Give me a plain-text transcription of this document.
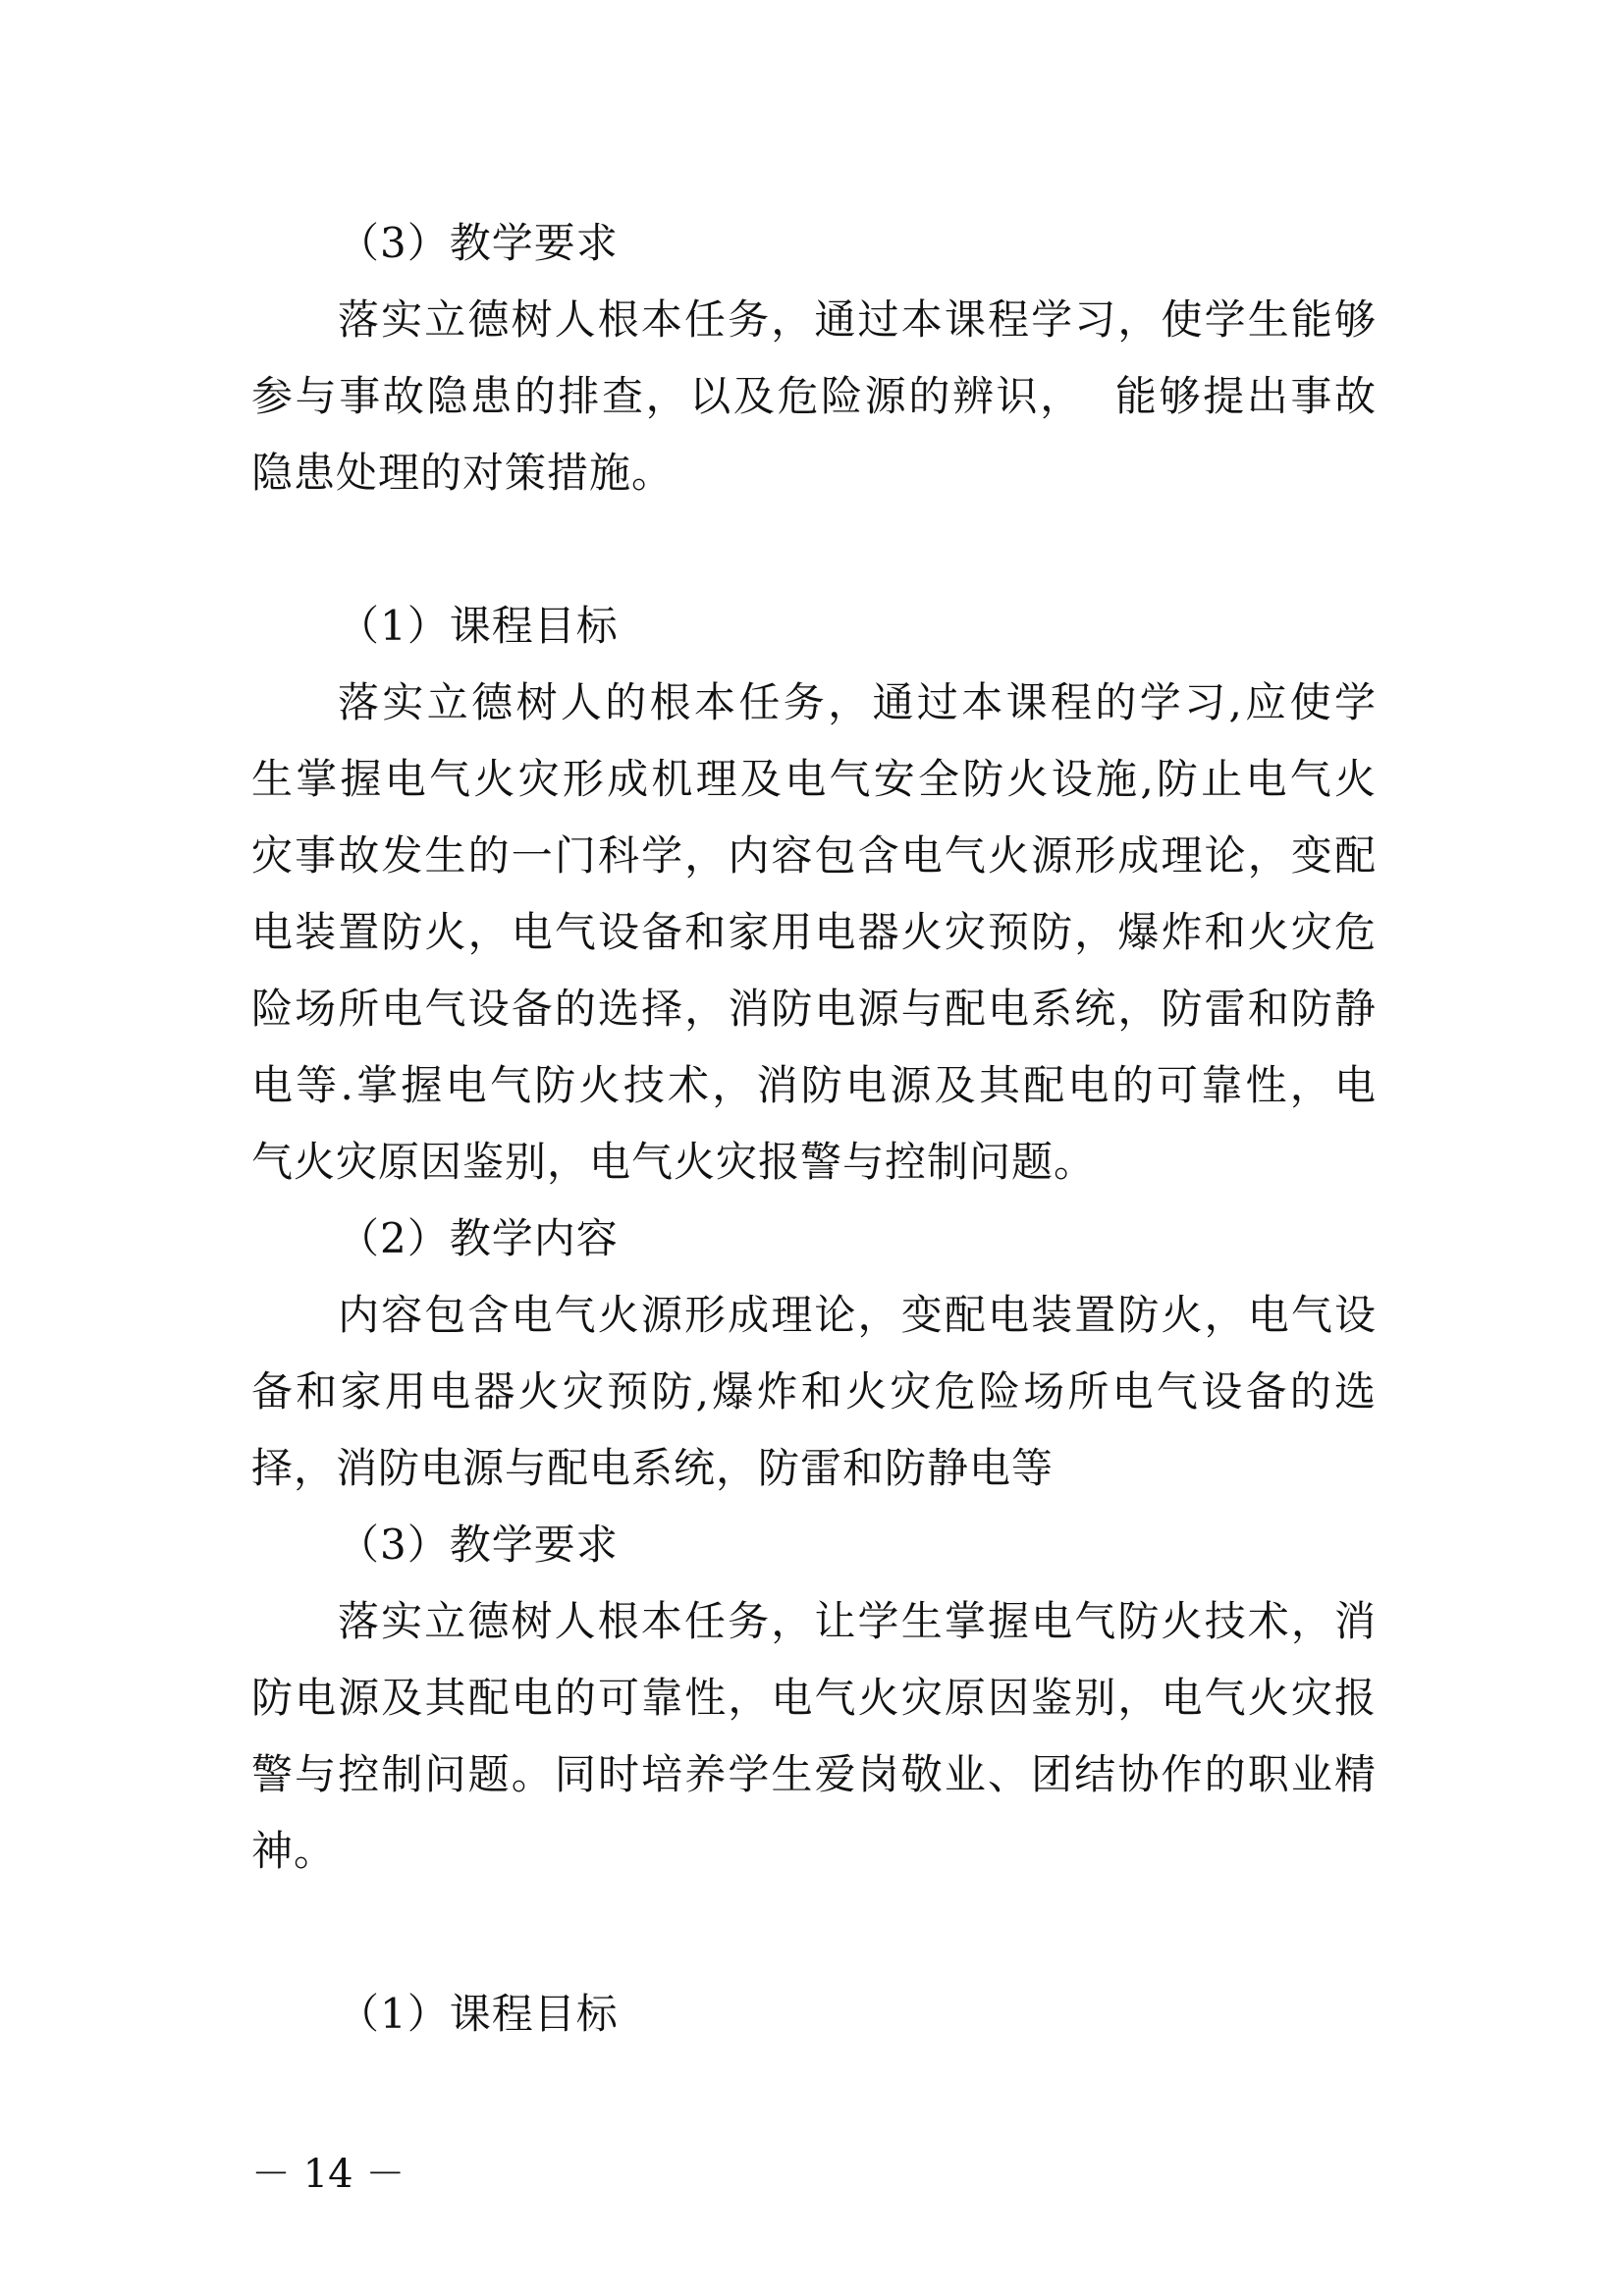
（3）教学要求
落实立德树人根本任务，通过本课程学习，使学生能够
参与事故隐患的排查，以及危险源的辨识，  能够提出事故
隐患处理的对策措施。

（1）课程目标
落实立德树人的根本任务，通过本课程的学习,应使学
生掌握电气火灾形成机理及电气安全防火设施,防止电气火
灾事故发生的一门科学，内容包含电气火源形成理论，变配
电装置防火，电气设备和家用电器火灾预防，爆炸和火灾危
险场所电气设备的选择，消防电源与配电系统，防雷和防静
电等.掌握电气防火技术，消防电源及其配电的可靠性，电
气火灾原因鉴别，电气火灾报警与控制问题。
（2）教学内容
内容包含电气火源形成理论，变配电装置防火，电气设
备和家用电器火灾预防,爆炸和火灾危险场所电气设备的选
择，消防电源与配电系统，防雷和防静电等
（3）教学要求
落实立德树人根本任务，让学生掌握电气防火技术，消
防电源及其配电的可靠性，电气火灾原因鉴别，电气火灾报
警与控制问题。同时培养学生爱岗敬业、团结协作的职业精
神。

（1）课程目标
－ 14 －
